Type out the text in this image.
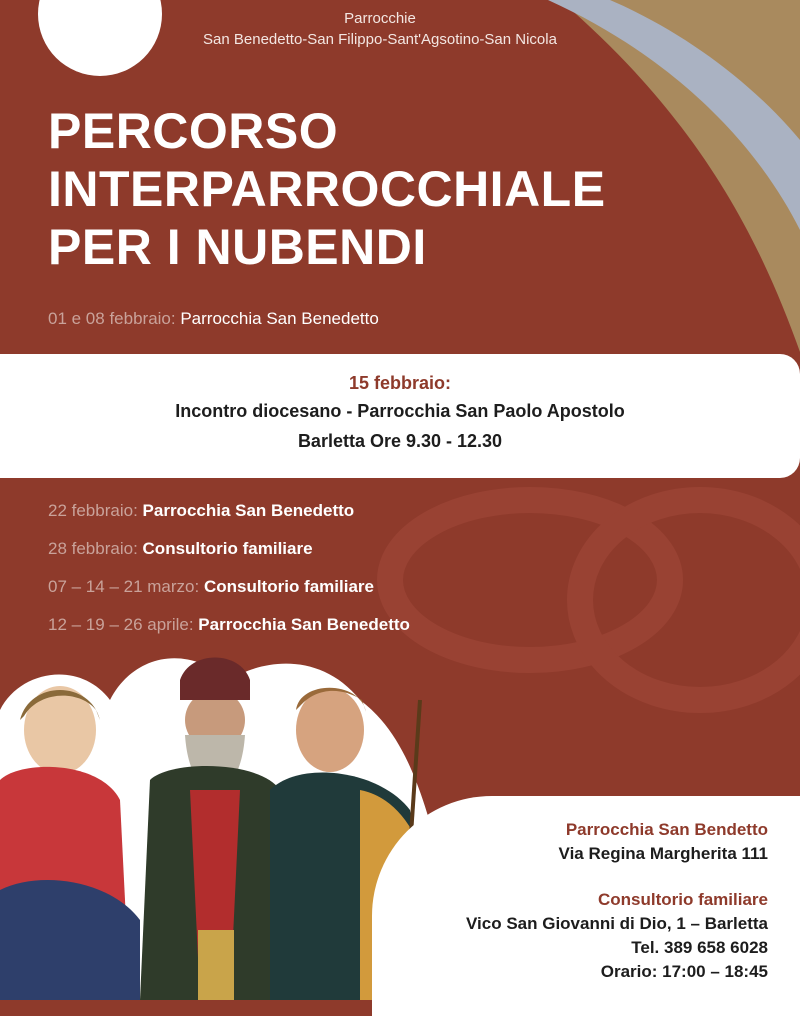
Parrocchie
San Benedetto-San Filippo-Sant'Agsotino-San Nicola
PERCORSO
INTERPARROCCHIALE
PER I NUBENDI
01 e 08 febbraio: Parrocchia San Benedetto
15 febbraio:
Incontro diocesano - Parrocchia San Paolo Apostolo
Barletta Ore 9.30 - 12.30
22 febbraio: Parrocchia San Benedetto
28 febbraio: Consultorio familiare
07 – 14 – 21 marzo: Consultorio familiare
12 – 19 – 26 aprile: Parrocchia San Benedetto
Parrocchia San Bendetto
Via Regina Margherita 111
Consultorio familiare
Vico San Giovanni di Dio, 1 – Barletta
Tel. 389 658 6028
Orario: 17:00 – 18:45
